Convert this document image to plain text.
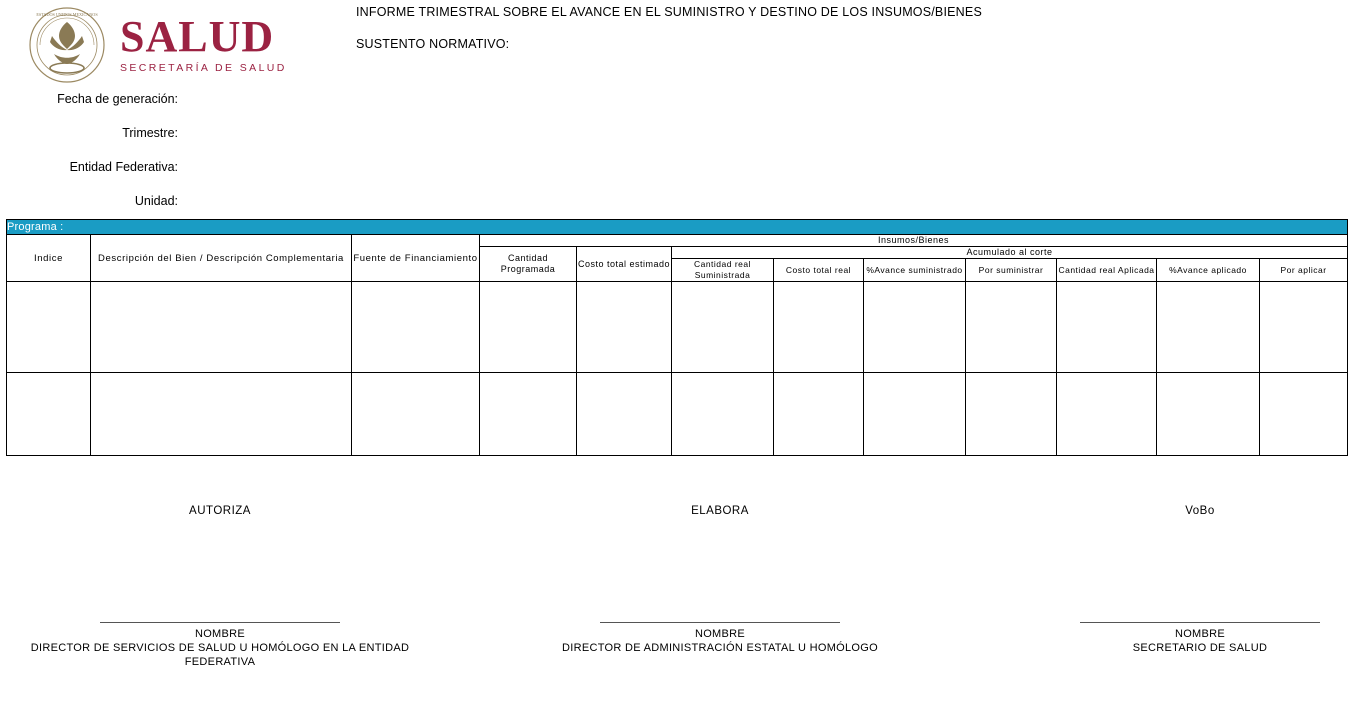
ESTADOS UNIDOS MEXICANOS SALUD
SECRETARÍA DE SALUD
INFORME TRIMESTRAL SOBRE EL AVANCE EN EL SUMINISTRO Y DESTINO DE LOS INSUMOS/BIENES
SUSTENTO NORMATIVO:
Fecha de generación:
Trimestre:
Entidad Federativa:
Unidad:
Programa :											
Indice	Descripción del Bien / Descripción Complementaria	Fuente de Financiamiento	Insumos/Bienes								
			Cantidad Programada	Costo total estimado	Acumulado al corte						
					Cantidad real Suministrada	Costo total real	%Avance suministrado	Por suministrar	Cantidad real Aplicada	%Avance aplicado	Por aplicar

AUTORIZA
NOMBRE
DIRECTOR DE SERVICIOS DE SALUD U HOMÓLOGO EN LA ENTIDAD FEDERATIVA
ELABORA
NOMBRE
DIRECTOR DE ADMINISTRACIÓN ESTATAL U HOMÓLOGO
VoBo
NOMBRE
SECRETARIO DE SALUD
